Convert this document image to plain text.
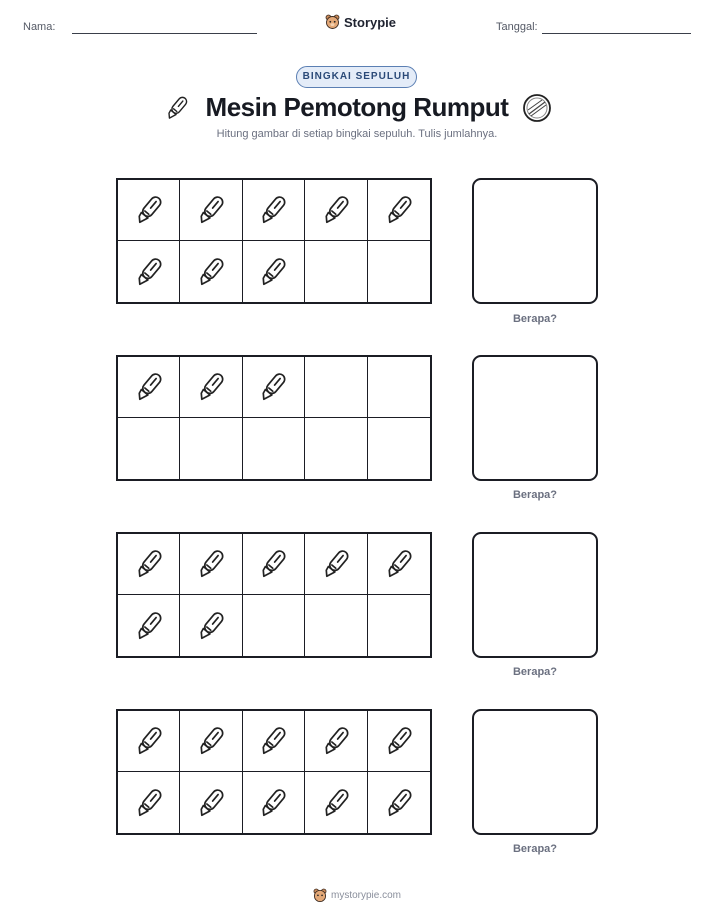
Nama:	Storypie	Tanggal:
BINGKAI SEPULUH
Mesin Pemotong Rumput
Hitung gambar di setiap bingkai sepuluh. Tulis jumlahnya.
Berapa?
Berapa?
Berapa?
Berapa?
mystorypie.com
